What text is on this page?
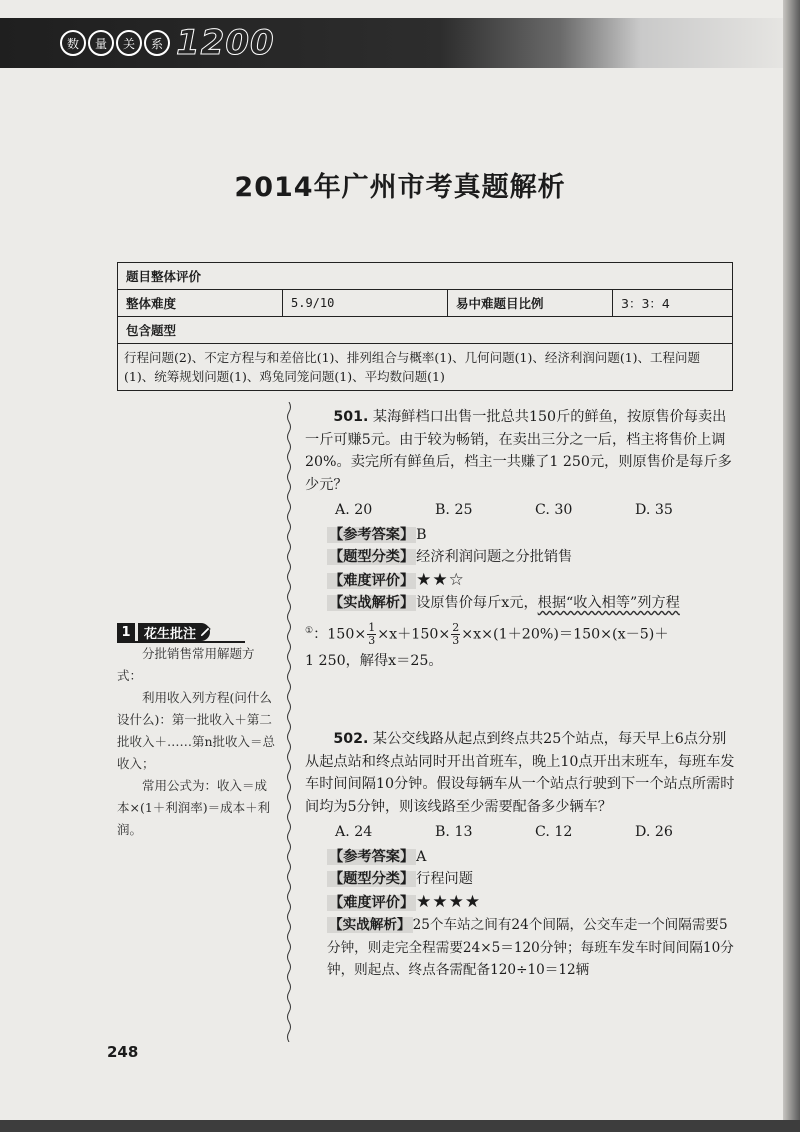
数	量	关	系 1200
2014年广州市考真题解析
题目整体评价
整体难度	5.9/10	易中难题目比例	3：3：4
包含题型
行程问题(2)、不定方程与和差倍比(1)、排列组合与概率(1)、几何问题(1)、经济利润问题(1)、工程问题(1)、统筹规划问题(1)、鸡兔同笼问题(1)、平均数问题(1)
1	花生批注

分批销售常用解题方式：

利用收入列方程(问什么设什么)：第一批收入＋第二批收入＋……第n批收入＝总收入；

常用公式为：收入＝成本×(1＋利润率)＝成本＋利润。

501. 某海鲜档口出售一批总共150斤的鲜鱼，按原售价每卖出一斤可赚5元。由于较为畅销，在卖出三分之一后，档主将售价上调20%。卖完所有鲜鱼后，档主一共赚了1 250元，则原售价是每斤多少元？

A. 20	B. 25	C. 30	D. 35

【参考答案】 B

【题型分类】 经济利润问题之分批销售

【难度评价】 ★★☆

【实战解析】 设原售价每斤x元，根据“收入相等”列方程

①：$150\times \frac{1}{3} \times x+150\times \frac{2}{3} \times x\times(1+20\%)=150\times(x-5)+$

1 250，解得x＝25。

502. 某公交线路从起点到终点共25个站点，每天早上6点分别从起点站和终点站同时开出首班车，晚上10点开出末班车，每班车发车时间间隔10分钟。假设每辆车从一个站点行驶到下一个站点所需时间均为5分钟，则该线路至少需要配备多少辆车？

A. 24	B. 13	C. 12	D. 26

【参考答案】 A

【题型分类】 行程问题

【难度评价】 ★★★★

【实战解析】 25个车站之间有24个间隔，公交车走一个间隔需要5分钟，则走完全程需要24×5＝120分钟；每班车发车时间间隔10分钟，则起点、终点各需配备120÷10＝12辆

248
